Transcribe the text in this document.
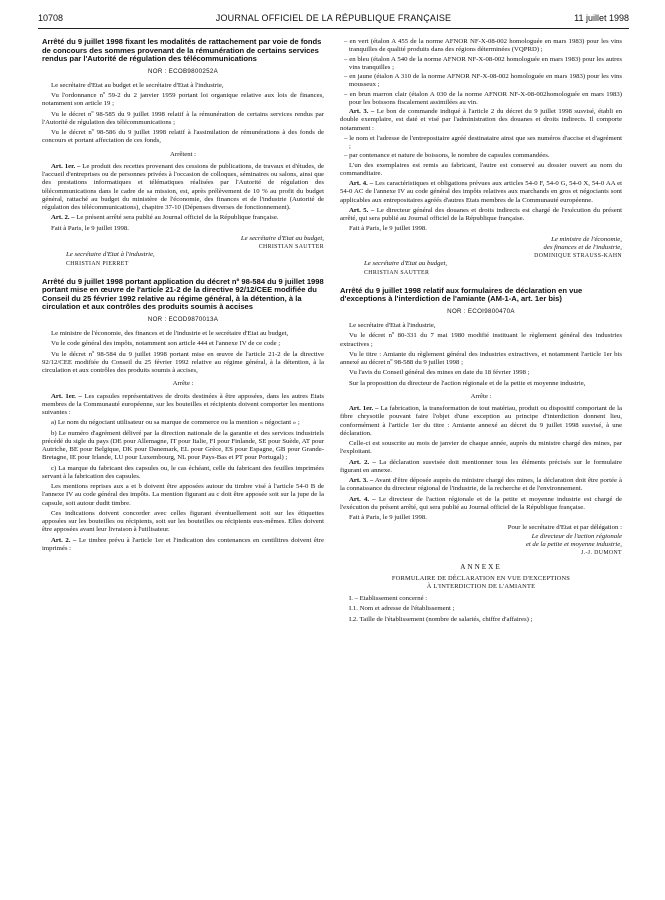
10708	JOURNAL OFFICIEL DE LA RÉPUBLIQUE FRANÇAISE	11 juillet 1998
Arrêté du 9 juillet 1998 fixant les modalités de rattachement par voie de fonds de concours des sommes provenant de la rémunération de certains services rendus par l'Autorité de régulation des télécommunications
NOR : ECOB9800252A

Le secrétaire d'Etat au budget et le secrétaire d'Etat à l'industrie,

Vu l'ordonnance nº 59-2 du 2 janvier 1959 portant loi organique relative aux lois de finances, notamment son article 19 ;

Vu le décret nº 98-585 du 9 juillet 1998 relatif à la rémunération de certains services rendus par l'Autorité de régulation des télécommunications ;

Vu le décret nº 98-586 du 9 juillet 1998 relatif à l'assimilation de rémunérations à des fonds de concours et portant affectation de ces fonds,

Arrêtent :

Art. 1er. – Le produit des recettes provenant des cessions de publications, de travaux et d'études, de l'accueil d'entreprises ou de personnes privées à l'occasion de colloques, séminaires ou salons, ainsi que des prestations informatiques et télématiques réalisées par l'Autorité de régulation des télécommunications dans le cadre de sa mission, est, après prélèvement de 10 % au profit du budget général, rattaché au budget du ministère de l'économie, des finances et de l'industrie (Autorité de régulation des télécommunications), chapitre 37-10 (Dépenses diverses de fonctionnement).

Art. 2. – Le présent arrêté sera publié au Journal officiel de la République française.

Fait à Paris, le 9 juillet 1998.

Le secrétaire d'Etat au budget,

CHRISTIAN SAUTTER

Le secrétaire d'Etat à l'industrie,

CHRISTIAN PIERRET

Arrêté du 9 juillet 1998 portant application du décret nº 98-584 du 9 juillet 1998 portant mise en œuvre de l'article 21-2 de la directive 92/12/CEE modifiée du Conseil du 25 février 1992 relative au régime général, à la détention, à la circulation et aux contrôles des produits soumis à accises
NOR : ECOD9870013A

Le ministre de l'économie, des finances et de l'industrie et le secrétaire d'Etat au budget,

Vu le code général des impôts, notamment son article 444 et l'annexe IV de ce code ;

Vu le décret nº 98-584 du 9 juillet 1998 portant mise en œuvre de l'article 21-2 de la directive 92/12/CEE modifiée du Conseil du 25 février 1992 relative au régime général, à la détention, à la circulation et aux contrôles des produits soumis à accises,

Arrête :

Art. 1er. – Les capsules représentatives de droits destinées à être apposées, dans les autres Etats membres de la Communauté européenne, sur les bouteilles et récipients doivent comporter les mentions suivantes :

a) Le nom du négociant utilisateur ou sa marque de commerce ou la mention « négociant » ;

b) Le numéro d'agrément délivré par la direction nationale de la garantie et des services industriels précédé du sigle du pays (DE pour Allemagne, IT pour Italie, FI pour Finlande, SE pour Suède, AT pour Autriche, BE pour Belgique, DK pour Danemark, EL pour Grèce, ES pour Espagne, GB pour Grande-Bretagne, IE pour Irlande, LU pour Luxembourg, NL pour Pays-Bas et PT pour Portugal) ;

c) La marque du fabricant des capsules ou, le cas échéant, celle du fabricant des feuilles imprimées servant à la fabrication des capsules.

Les mentions reprises aux a et b doivent être apposées autour du timbre visé à l'article 54-0 B de l'annexe IV au code général des impôts. La mention figurant au c doit être apposée soit sur la jupe de la capsule, soit autour dudit timbre.

Ces indications doivent concorder avec celles figurant éventuellement soit sur les étiquettes apposées sur les bouteilles ou récipients, soit sur les bouteilles ou récipients eux-mêmes. Elles doivent être apposées avant leur livraison à l'utilisateur.

Art. 2. – Le timbre prévu à l'article 1er et l'indication des contenances en centilitres doivent être imprimés :

– en vert (étalon A 455 de la norme AFNOR NF-X-08-002 homologuée en mars 1983) pour les vins tranquilles de qualité produits dans des régions déterminées (VQPRD) ;

– en bleu (étalon A 540 de la norme AFNOR NF-X-08-002 homologuée en mars 1983) pour les autres vins tranquilles ;

– en jaune (étalon A 310 de la norme AFNOR NF-X-08-002 homologuée en mars 1983) pour les vins mousseux ;

– en brun marron clair (étalon A 030 de la norme AFNOR NF-X-08-002homologuée en mars 1983) pour les boissons fiscalement assimilées au vin.

Art. 3. – Le bon de commande indiqué à l'article 2 du décret du 9 juillet 1998 susvisé, établi en double exemplaire, est daté et visé par l'administration des douanes et droits indirects. Il comporte notamment :

– le nom et l'adresse de l'entrepositaire agréé destinataire ainsi que ses numéros d'accise et d'agrément ;

– par contenance et nature de boissons, le nombre de capsules commandées.

L'un des exemplaires est remis au fabricant, l'autre est conservé au dossier ouvert au nom du commanditaire.

Art. 4. – Les caractéristiques et obligations prévues aux articles 54-0 F, 54-0 G, 54-0 X, 54-0 AA et 54-0 AC de l'annexe IV au code général des impôts relatives aux marchands en gros et négociants sont applicables aux entrepositaires agréés d'autres Etats membres de la Communauté européenne.

Art. 5. – Le directeur général des douanes et droits indirects est chargé de l'exécution du présent arrêté, qui sera publié au Journal officiel de la République française.

Fait à Paris, le 9 juillet 1998.

Le ministre de l'économie,

des finances et de l'industrie,

DOMINIQUE STRAUSS-KAHN

Le secrétaire d'Etat au budget,

CHRISTIAN SAUTTER

Arrêté du 9 juillet 1998 relatif aux formulaires de déclaration en vue d'exceptions à l'interdiction de l'amiante (AM-1-A, art. 1er bis)
NOR : ECOI9800470A

Le secrétaire d'Etat à l'industrie,

Vu le décret nº 80-331 du 7 mai 1980 modifié instituant le règlement général des industries extractives ;

Vu le titre : Amiante du règlement général des industries extractives, et notamment l'article 1er bis annexé au décret nº 98-588 du 9 juillet 1998 ;

Vu l'avis du Conseil général des mines en date du 18 février 1998 ;

Sur la proposition du directeur de l'action régionale et de la petite et moyenne industrie,

Arrête :

Art. 1er. – La fabrication, la transformation de tout matériau, produit ou dispositif comportant de la fibre chrysotile pouvant faire l'objet d'une exception au principe d'interdiction donnent lieu, conformément à l'article 1er du titre : Amiante annexé au décret du 9 juillet 1998 susvisé, à une déclaration.

Celle-ci est souscrite au mois de janvier de chaque année, auprès du ministre chargé des mines, par l'exploitant.

Art. 2. – La déclaration susvisée doit mentionner tous les éléments précisés sur le formulaire figurant en annexe.

Art. 3. – Avant d'être déposée auprès du ministre chargé des mines, la déclaration doit être portée à la connaissance du directeur régional de l'industrie, de la recherche et de l'environnement.

Art. 4. – Le directeur de l'action régionale et de la petite et moyenne industrie est chargé de l'exécution du présent arrêté, qui sera publié au Journal officiel de la République française.

Fait à Paris, le 9 juillet 1998.

Pour le secrétaire d'Etat et par délégation :

Le directeur de l'action régionale

et de la petite et moyenne industrie,

J.-J. DUMONT

ANNEXE

FORMULAIRE DE DÉCLARATION EN VUE D'EXCEPTIONS

À L'INTERDICTION DE L'AMIANTE

I. – Etablissement concerné :

I.1. Nom et adresse de l'établissement ;

I.2. Taille de l'établissement (nombre de salariés, chiffre d'affaires) ;
